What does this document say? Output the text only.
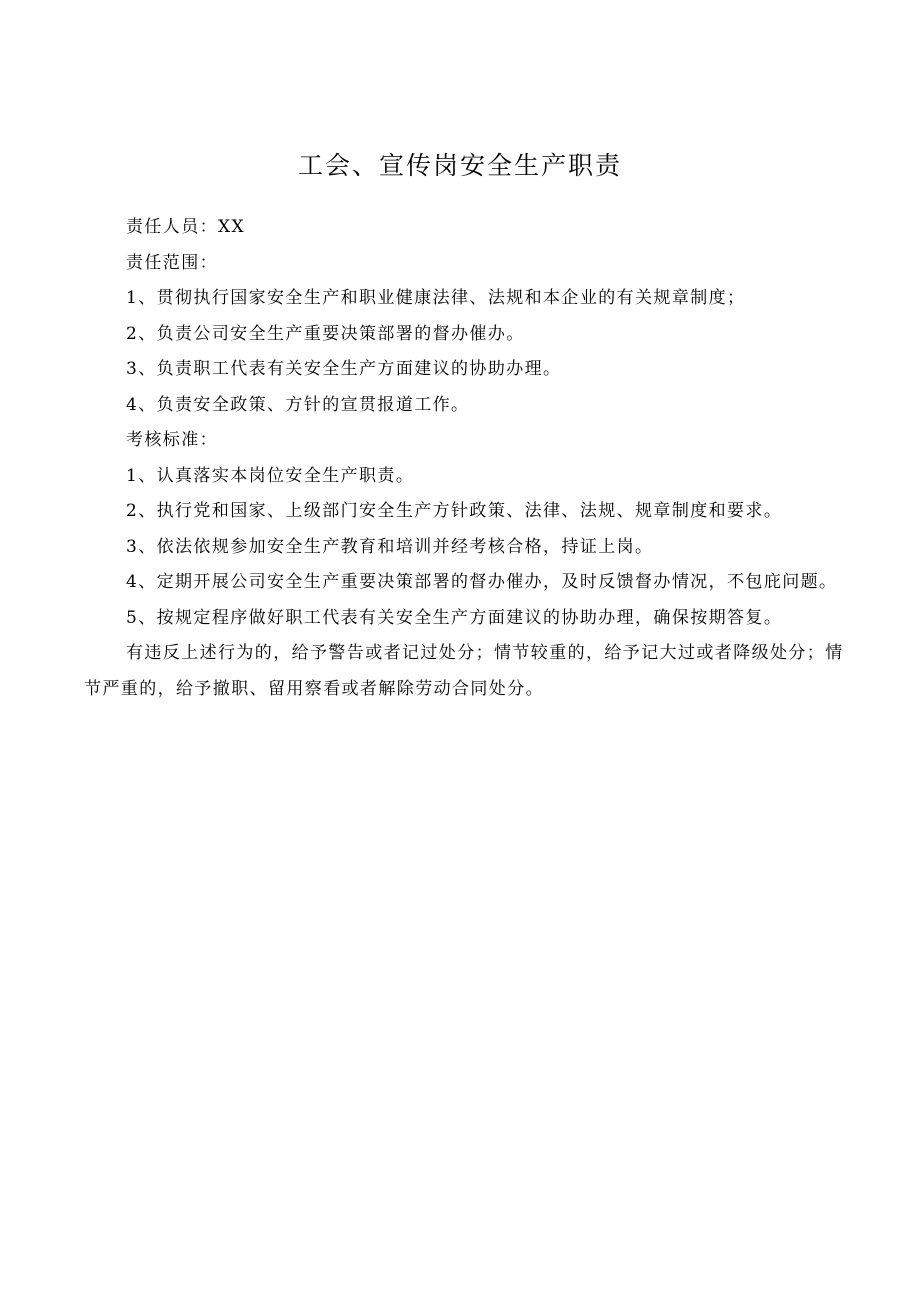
工会、宣传岗安全生产职责

责任人员：XX

责任范围：

1、贯彻执行国家安全生产和职业健康法律、法规和本企业的有关规章制度；

2、负责公司安全生产重要决策部署的督办催办。

3、负责职工代表有关安全生产方面建议的协助办理。

4、负责安全政策、方针的宣贯报道工作。

考核标准：

1、认真落实本岗位安全生产职责。

2、执行党和国家、上级部门安全生产方针政策、法律、法规、规章制度和要求。

3、依法依规参加安全生产教育和培训并经考核合格，持证上岗。

4、定期开展公司安全生产重要决策部署的督办催办，及时反馈督办情况，不包庇问题。

5、按规定程序做好职工代表有关安全生产方面建议的协助办理，确保按期答复。

有违反上述行为的，给予警告或者记过处分；情节较重的，给予记大过或者降级处分；情节严重的，给予撤职、留用察看或者解除劳动合同处分。
